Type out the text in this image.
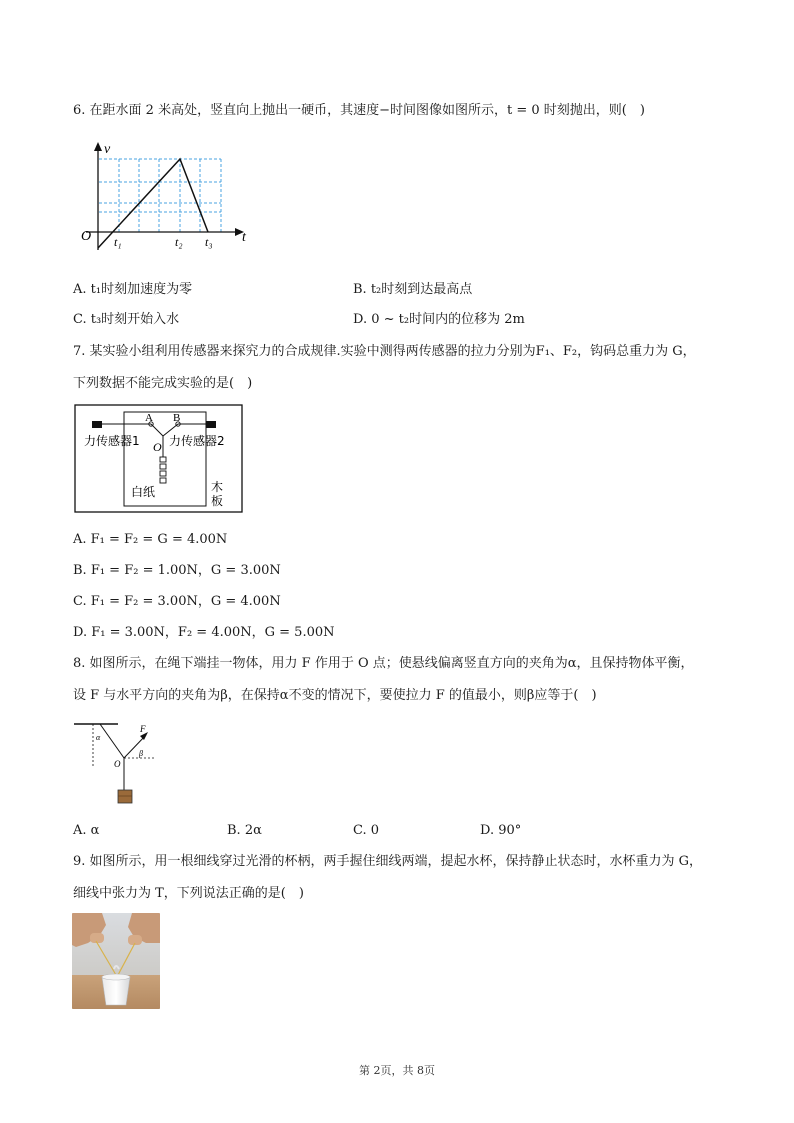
6. 在距水面 2 米高处，竖直向上抛出一硬币，其速度−时间图像如图所示，t = 0 时刻抛出，则(　)
v
t
O t₁	t₂ t₃
A. t₁时刻加速度为零	B. t₂时刻到达最高点
C. t₃时刻开始入水	D. 0 ~ t₂时间内的位移为 2m
7. 某实验小组利用传感器来探究力的合成规律.实验中测得两传感器的拉力分别为F₁、F₂，钩码总重力为 G，
下列数据不能完成实验的是(　)
A B
O
力传感器1 力传感器2
白纸	木
板
A. F₁ = F₂ = G = 4.00N
B. F₁ = F₂ = 1.00N，G = 3.00N
C. F₁ = F₂ = 3.00N，G = 4.00N
D. F₁ = 3.00N，F₂ = 4.00N，G = 5.00N
8. 如图所示，在绳下端挂一物体，用力 F 作用于 O 点；使悬线偏离竖直方向的夹角为α，且保持物体平衡，
设 F 与水平方向的夹角为β，在保持α不变的情况下，要使拉力 F 的值最小，则β应等于(　)
α
β
F
O
A. α	B. 2α	C. 0	D. 90°
9. 如图所示，用一根细线穿过光滑的杯柄，两手握住细线两端，提起水杯，保持静止状态时，水杯重力为 G，
细线中张力为 T，下列说法正确的是(　)
第 2页，共 8页
